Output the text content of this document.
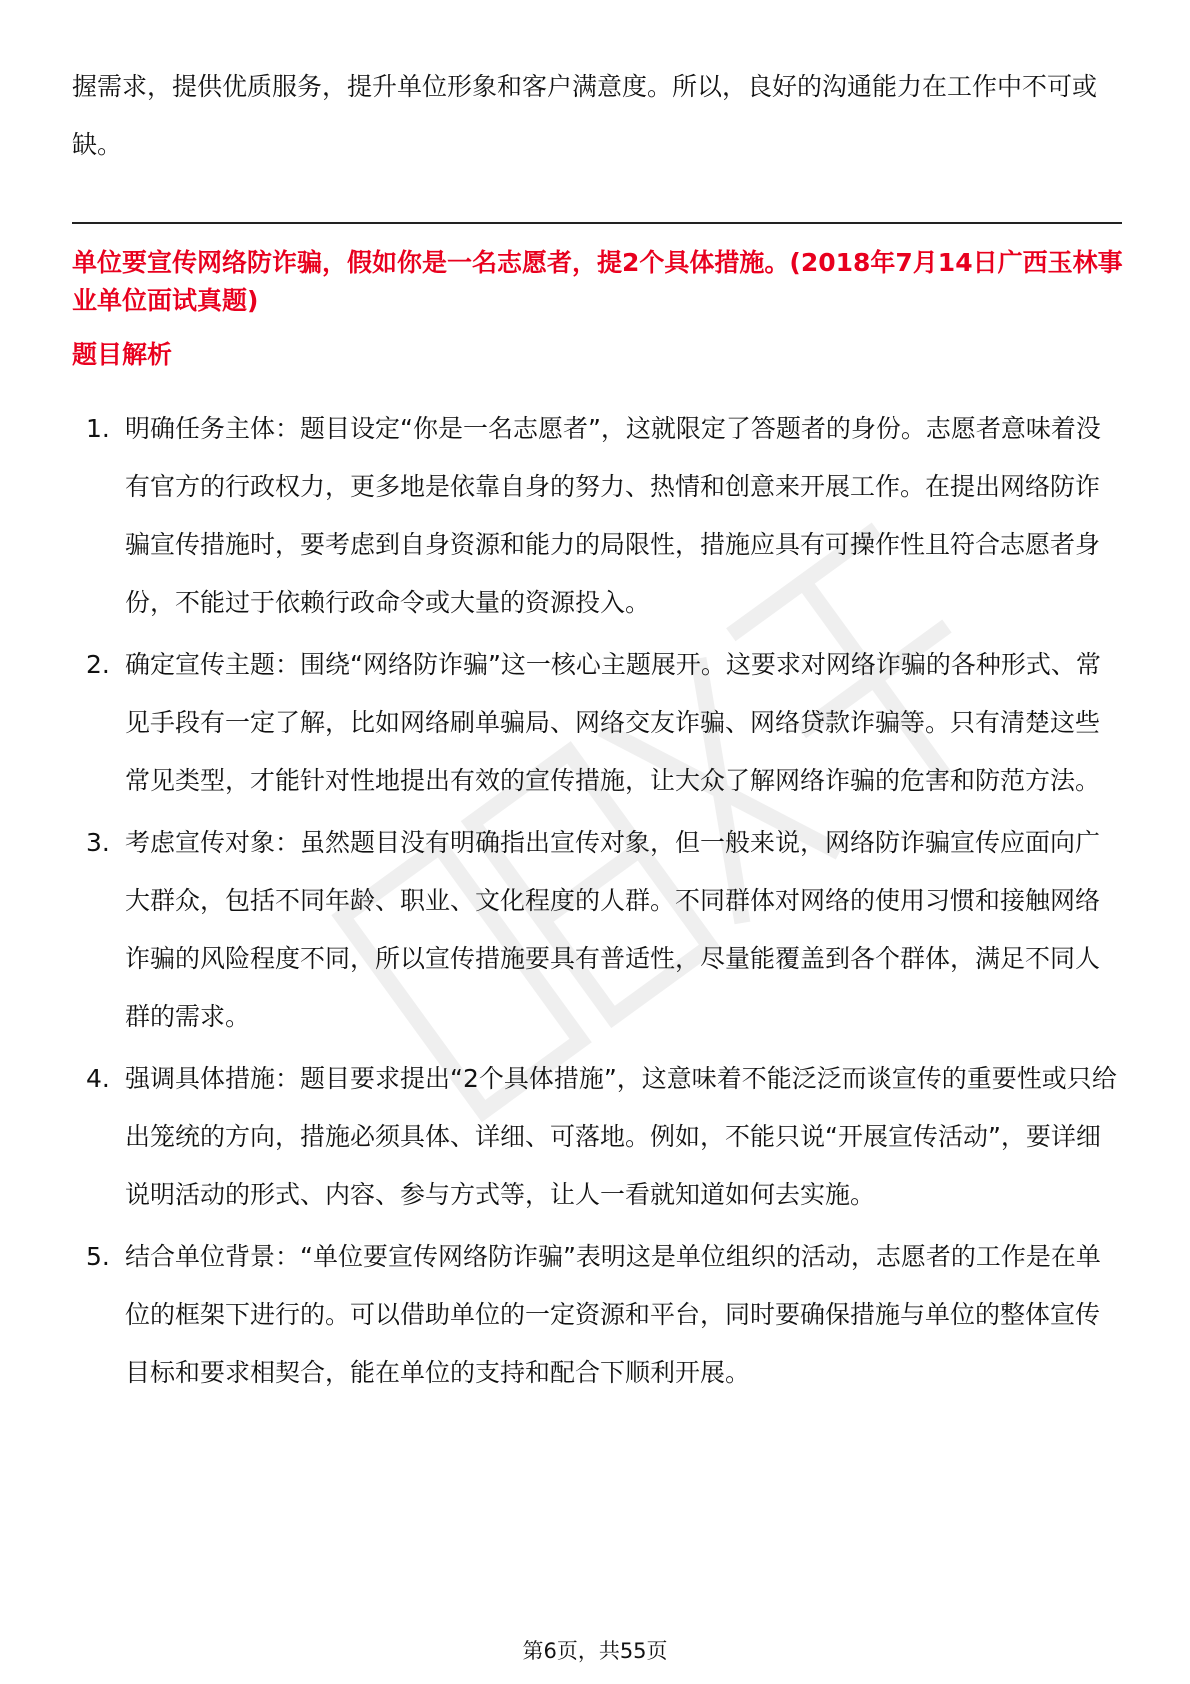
握需求，提供优质服务，提升单位形象和客户满意度。所以，良好的沟通能力在工作中不可或缺。

单位要宣传网络防诈骗，假如你是一名志愿者，提2个具体措施。(2018年7月14日广西玉林事业单位面试真题)
题目解析
1. 明确任务主体：题目设定“你是一名志愿者”，这就限定了答题者的身份。志愿者意味着没有官方的行政权力，更多地是依靠自身的努力、热情和创意来开展工作。在提出网络防诈骗宣传措施时，要考虑到自身资源和能力的局限性，措施应具有可操作性且符合志愿者身份，不能过于依赖行政命令或大量的资源投入。
2. 确定宣传主题：围绕“网络防诈骗”这一核心主题展开。这要求对网络诈骗的各种形式、常见手段有一定了解，比如网络刷单骗局、网络交友诈骗、网络贷款诈骗等。只有清楚这些常见类型，才能针对性地提出有效的宣传措施，让大众了解网络诈骗的危害和防范方法。
3. 考虑宣传对象：虽然题目没有明确指出宣传对象，但一般来说，网络防诈骗宣传应面向广大群众，包括不同年龄、职业、文化程度的人群。不同群体对网络的使用习惯和接触网络诈骗的风险程度不同，所以宣传措施要具有普适性，尽量能覆盖到各个群体，满足不同人群的需求。
4. 强调具体措施：题目要求提出“2个具体措施”，这意味着不能泛泛而谈宣传的重要性或只给出笼统的方向，措施必须具体、详细、可落地。例如，不能只说“开展宣传活动”，要详细说明活动的形式、内容、参与方式等，让人一看就知道如何去实施。
5. 结合单位背景：“单位要宣传网络防诈骗”表明这是单位组织的活动，志愿者的工作是在单位的框架下进行的。可以借助单位的一定资源和平台，同时要确保措施与单位的整体宣传目标和要求相契合，能在单位的支持和配合下顺利开展。
第6页，共55页
